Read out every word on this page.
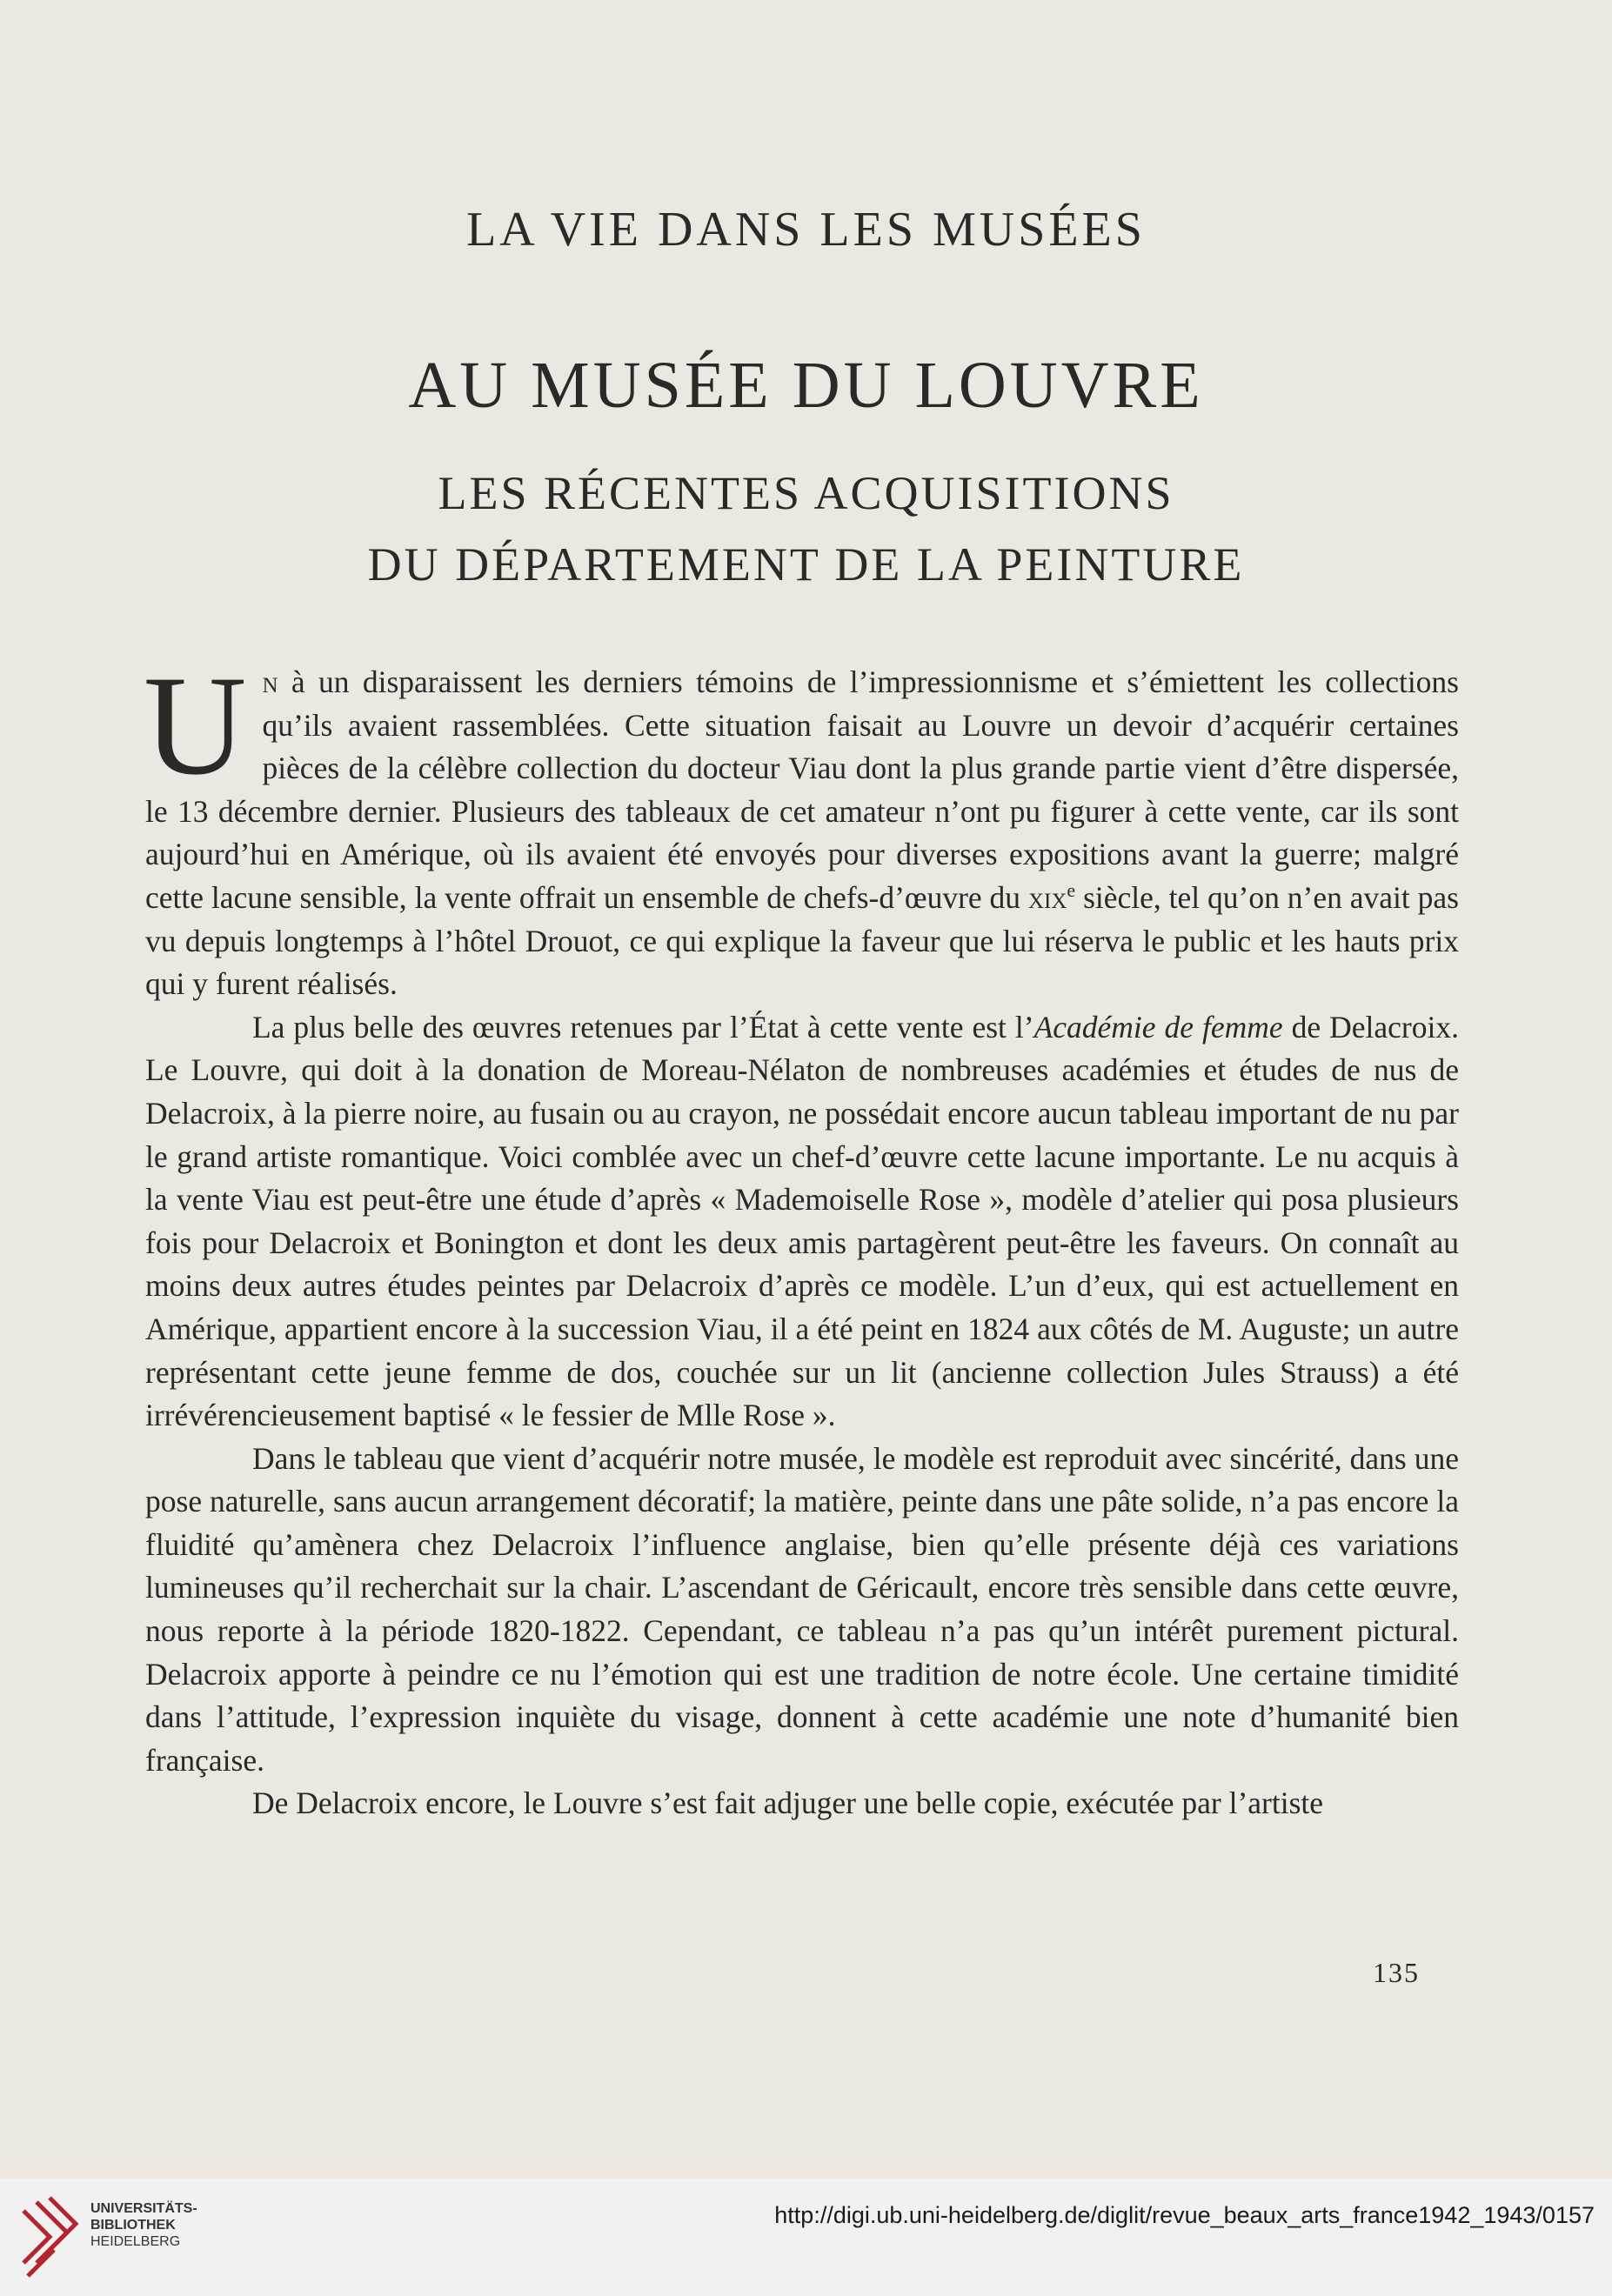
LA VIE DANS LES MUSÉES
AU MUSÉE DU LOUVRE
LES RÉCENTES ACQUISITIONS
DU DÉPARTEMENT DE LA PEINTURE

Un à un disparaissent les derniers témoins de l’impressionnisme et s’émiettent les collections qu’ils avaient rassemblées. Cette situation faisait au Louvre un devoir d’acquérir certaines pièces de la célèbre collection du docteur Viau dont la plus grande partie vient d’être dispersée, le 13 décembre dernier. Plusieurs des tableaux de cet amateur n’ont pu figurer à cette vente, car ils sont aujourd’hui en Amérique, où ils avaient été envoyés pour diverses expositions avant la guerre; malgré cette lacune sensible, la vente offrait un ensemble de chefs-d’œuvre du xix$^e$ siècle, tel qu’on n’en avait pas vu depuis longtemps à l’hôtel Drouot, ce qui explique la faveur que lui réserva le public et les hauts prix qui y furent réalisés.

La plus belle des œuvres retenues par l’État à cette vente est l’Académie de femme de Delacroix. Le Louvre, qui doit à la donation de Moreau-Nélaton de nombreuses académies et études de nus de Delacroix, à la pierre noire, au fusain ou au crayon, ne possédait encore aucun tableau important de nu par le grand artiste romantique. Voici comblée avec un chef-d’œuvre cette lacune importante. Le nu acquis à la vente Viau est peut-être une étude d’après « Mademoiselle Rose », modèle d’atelier qui posa plusieurs fois pour Delacroix et Bonington et dont les deux amis partagèrent peut-être les faveurs. On connaît au moins deux autres études peintes par Delacroix d’après ce modèle. L’un d’eux, qui est actuellement en Amérique, appartient encore à la succession Viau, il a été peint en 1824 aux côtés de M. Auguste; un autre représentant cette jeune femme de dos, couchée sur un lit (ancienne collection Jules Strauss) a été irrévérencieusement baptisé « le fessier de Mlle Rose ».

Dans le tableau que vient d’acquérir notre musée, le modèle est reproduit avec sincérité, dans une pose naturelle, sans aucun arrangement décoratif; la matière, peinte dans une pâte solide, n’a pas encore la fluidité qu’amènera chez Delacroix l’influence anglaise, bien qu’elle présente déjà ces variations lumineuses qu’il recherchait sur la chair. L’ascendant de Géricault, encore très sensible dans cette œuvre, nous reporte à la période 1820-1822. Cependant, ce tableau n’a pas qu’un intérêt purement pictural. Delacroix apporte à peindre ce nu l’émotion qui est une tradition de notre école. Une certaine timidité dans l’attitude, l’expression inquiète du visage, donnent à cette académie une note d’humanité bien française.

De Delacroix encore, le Louvre s’est fait adjuger une belle copie, exécutée par l’artiste

135
UNIVERSITÄTS-
BIBLIOTHEK
HEIDELBERG
http://digi.ub.uni-heidelberg.de/diglit/revue_beaux_arts_france1942_1943/0157
